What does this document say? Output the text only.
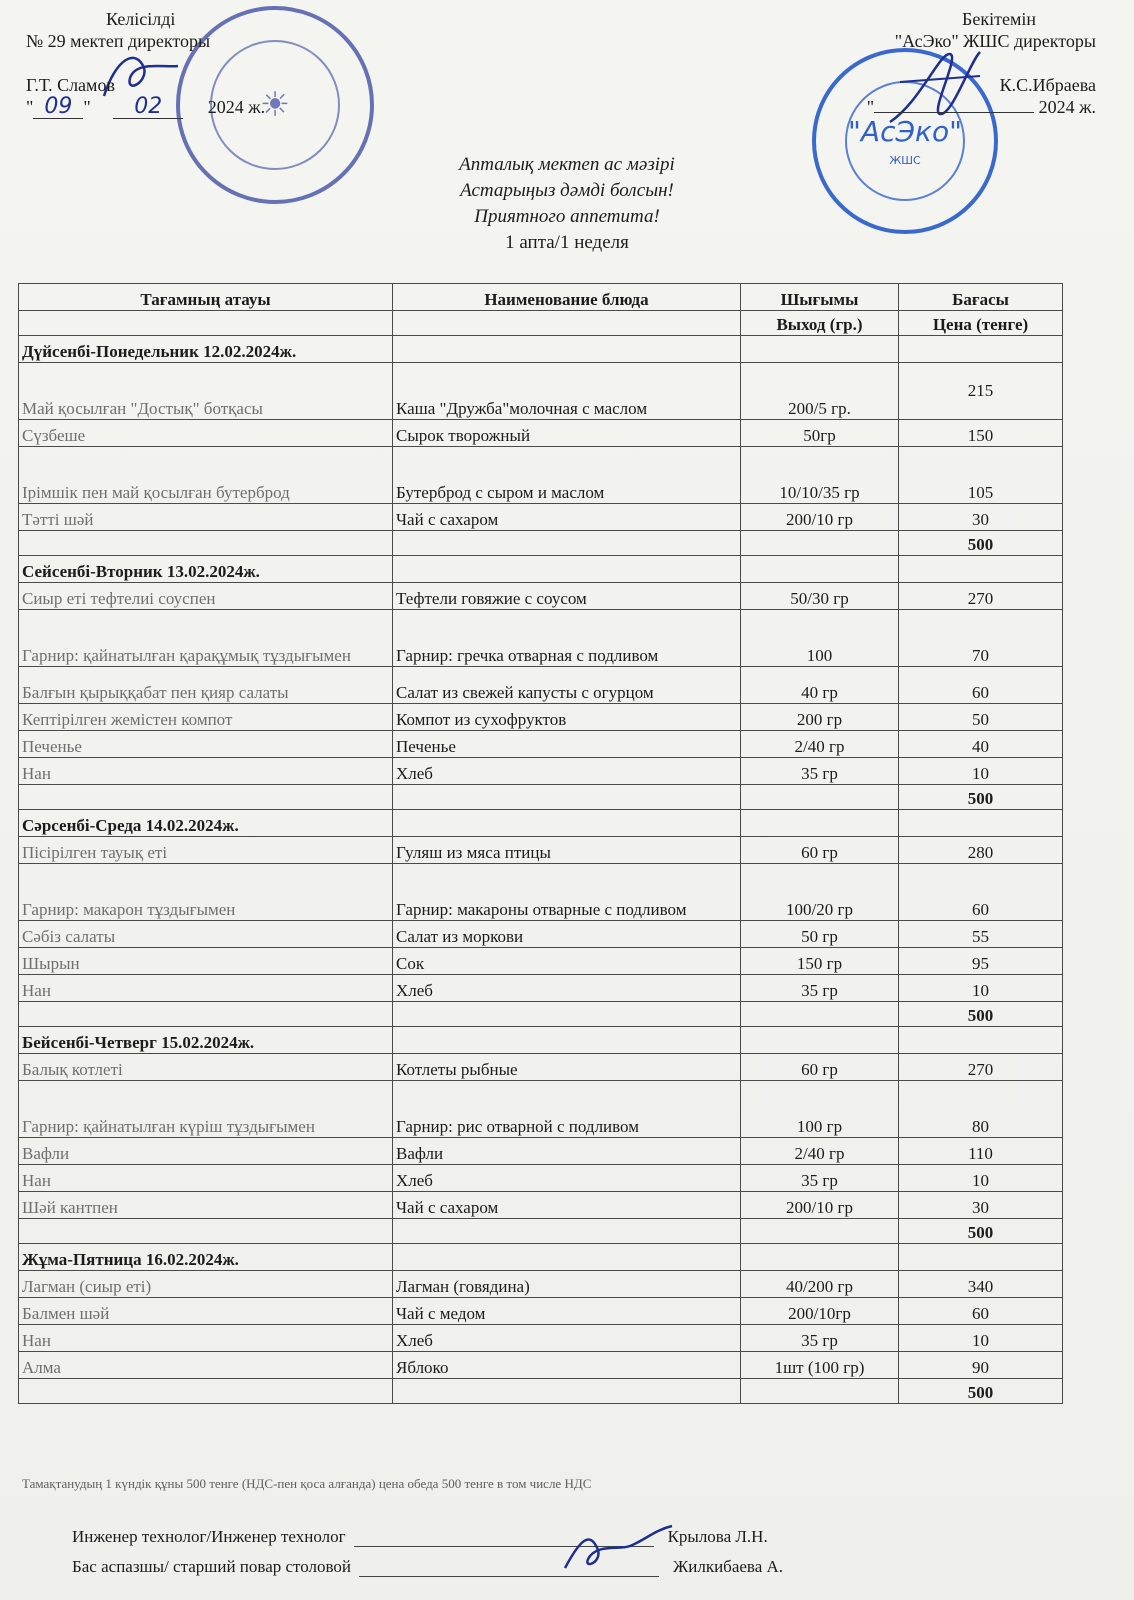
☀
"АсЭко"
ЖШС
Келісілді
№ 29 мектеп директоры
Г.Т. Сламов
" 09 " 02	2024 ж.
Бекітемін
"АсЭко" ЖШС директоры
К.С.Ибраева
"	2024 ж.
Апталық мектеп ас мәзірі
Астарыңыз дәмді болсын!
Приятного аппетита!
1 апта/1 неделя
Тағамның атауы	Наименование блюда	Шығымы	Бағасы
		Выход (гр.)	Цена (тенге)
Дүйсенбі-Понедельник 12.02.2024ж.			
Май қосылған "Достық" ботқасы	Каша "Дружба"молочная с маслом	200/5 гр.	215
Сүзбеше	Сырок творожный	50гр	150
Ірімшік пен май қосылған бутерброд	Бутерброд с сыром и маслом	10/10/35 гр	105
Тәтті шәй	Чай с сахаром	200/10 гр	30
			500
Сейсенбі-Вторник 13.02.2024ж.			
Сиыр еті тефтелиі соуспен	Тефтели говяжие с соусом	50/30 гр	270
Гарнир: қайнатылған қарақұмық тұздығымен	Гарнир: гречка отварная с подливом	100	70
Балғын қырыққабат пен қияр салаты	Салат из свежей капусты с огурцом	40 гр	60
Кептірілген жемістен компот	Компот из сухофруктов	200 гр	50
Печенье	Печенье	2/40 гр	40
Нан	Хлеб	35 гр	10
			500
Сәрсенбі-Среда 14.02.2024ж.			
Пісірілген тауық еті	Гуляш из мяса птицы	60 гр	280
Гарнир: макарон тұздығымен	Гарнир: макароны отварные с подливом	100/20 гр	60
Сәбіз салаты	Салат из моркови	50 гр	55
Шырын	Сок	150 гр	95
Нан	Хлеб	35 гр	10
			500
Бейсенбі-Четверг 15.02.2024ж.			
Балық котлеті	Котлеты рыбные	60 гр	270
Гарнир: қайнатылған күріш тұздығымен	Гарнир: рис отварной с подливом	100 гр	80
Вафли	Вафли	2/40 гр	110
Нан	Хлеб	35 гр	10
Шәй кантпен	Чай с сахаром	200/10 гр	30
			500
Жұма-Пятница 16.02.2024ж.			
Лагман (сиыр еті)	Лагман (говядина)	40/200 гр	340
Балмен шәй	Чай с медом	200/10гр	60
Нан	Хлеб	35 гр	10
Алма	Яблоко	1шт (100 гр)	90
			500
Тамақтанудың 1 күндік құны 500 тенге (НДС-пен қоса алғанда) цена обеда 500 тенге в том числе НДС
Инженер технолог/Инженер технолог	Крылова Л.Н.
Бас аспазшы/ старший повар столовой	Жилкибаева А.
